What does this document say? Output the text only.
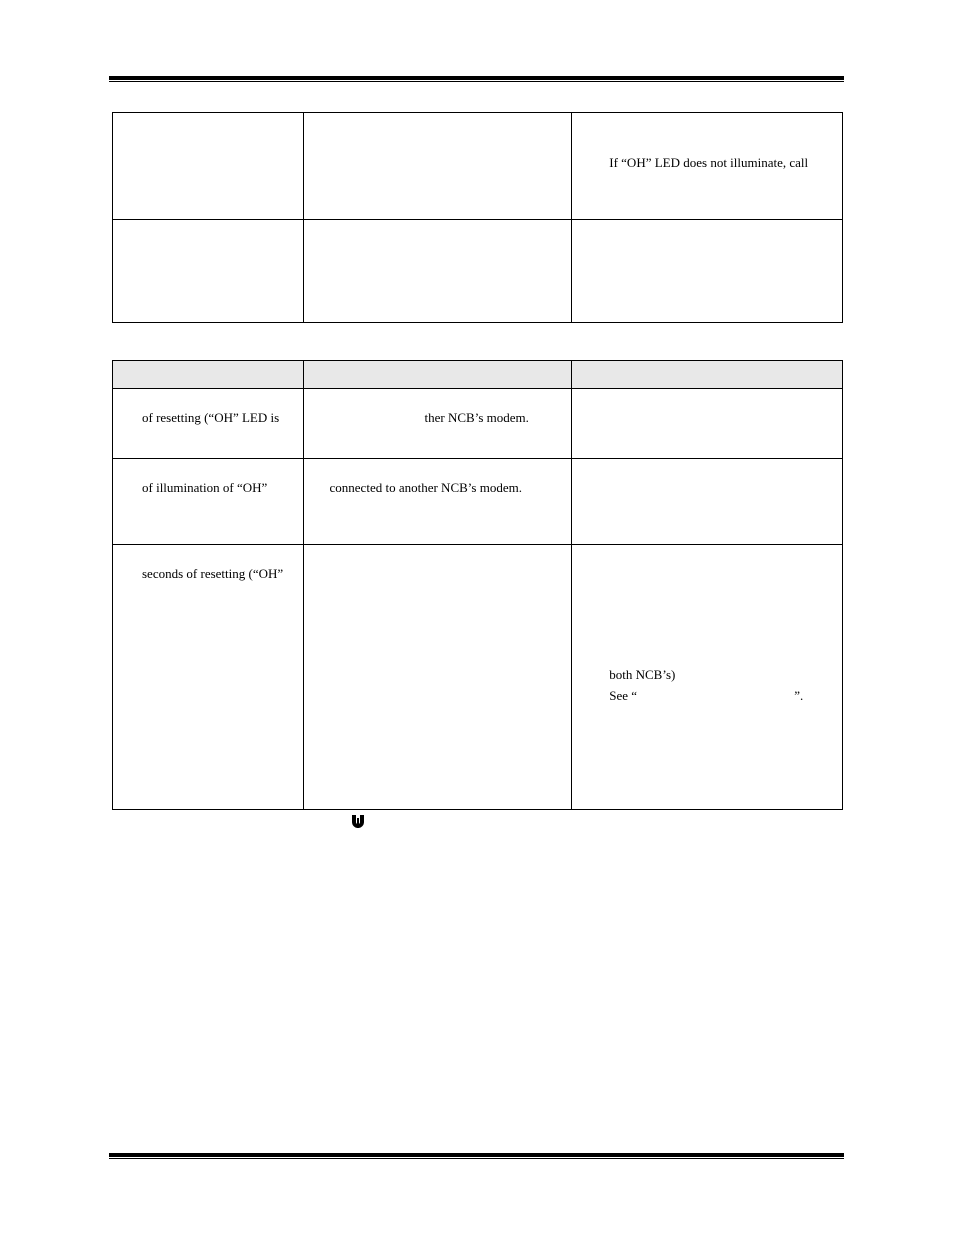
		If “OH” LED does not illuminate, call

of resetting (“OH” LED is	ther NCB’s modem.	

of illumination of “OH”	connected to another NCB’s modem.	

seconds of resetting (“OH”		both NCB’s)
See “ ”.
